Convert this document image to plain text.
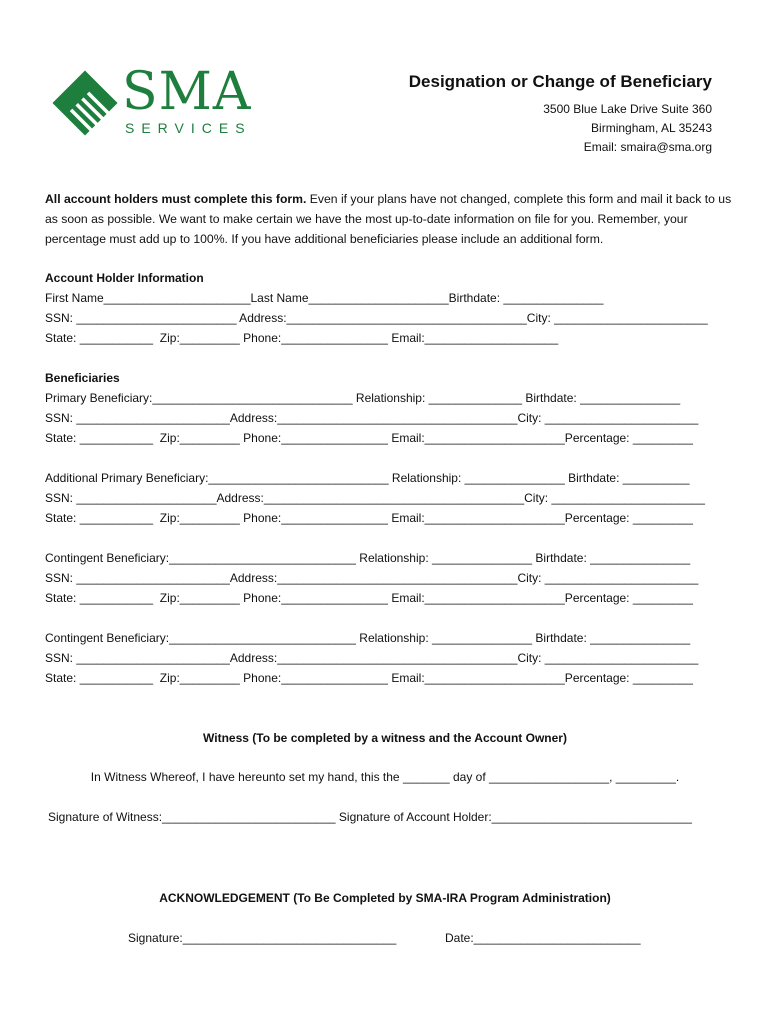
SMA
SERVICES
Designation or Change of Beneficiary
3500 Blue Lake Drive Suite 360
Birmingham, AL 35243
Email: smaira@sma.org
All account holders must complete this form. Even if your plans have not changed, complete this form and mail it back to us as soon as possible. We want to make certain we have the most up-to-date information on file for you. Remember, your percentage must add up to 100%. If you have additional beneficiaries please include an additional form.
Account Holder Information
First Name______________________Last Name_____________________Birthdate: _______________
SSN: ________________________ Address:____________________________________City: _______________________
State: ___________  Zip:_________ Phone:________________ Email:____________________
Beneficiaries
Primary Beneficiary:______________________________ Relationship: ______________ Birthdate: _______________
SSN: _______________________Address:____________________________________City: _______________________
State: ___________  Zip:_________ Phone:________________ Email:_____________________Percentage: _________
Additional Primary Beneficiary:___________________________ Relationship: _______________ Birthdate: __________
SSN: _____________________Address:_______________________________________City: _______________________
State: ___________  Zip:_________ Phone:________________ Email:_____________________Percentage: _________
Contingent Beneficiary:____________________________ Relationship: _______________ Birthdate: _______________
SSN: _______________________Address:____________________________________City: _______________________
State: ___________  Zip:_________ Phone:________________ Email:_____________________Percentage: _________
Contingent Beneficiary:____________________________ Relationship: _______________ Birthdate: _______________
SSN: _______________________Address:____________________________________City: _______________________
State: ___________  Zip:_________ Phone:________________ Email:_____________________Percentage: _________
Witness (To be completed by a witness and the Account Owner)
In Witness Whereof, I have hereunto set my hand, this the _______ day of __________________, _________.
Signature of Witness:__________________________ Signature of Account Holder:______________________________
ACKNOWLEDGEMENT (To Be Completed by SMA-IRA Program Administration)
Signature:________________________________	Date:_________________________
